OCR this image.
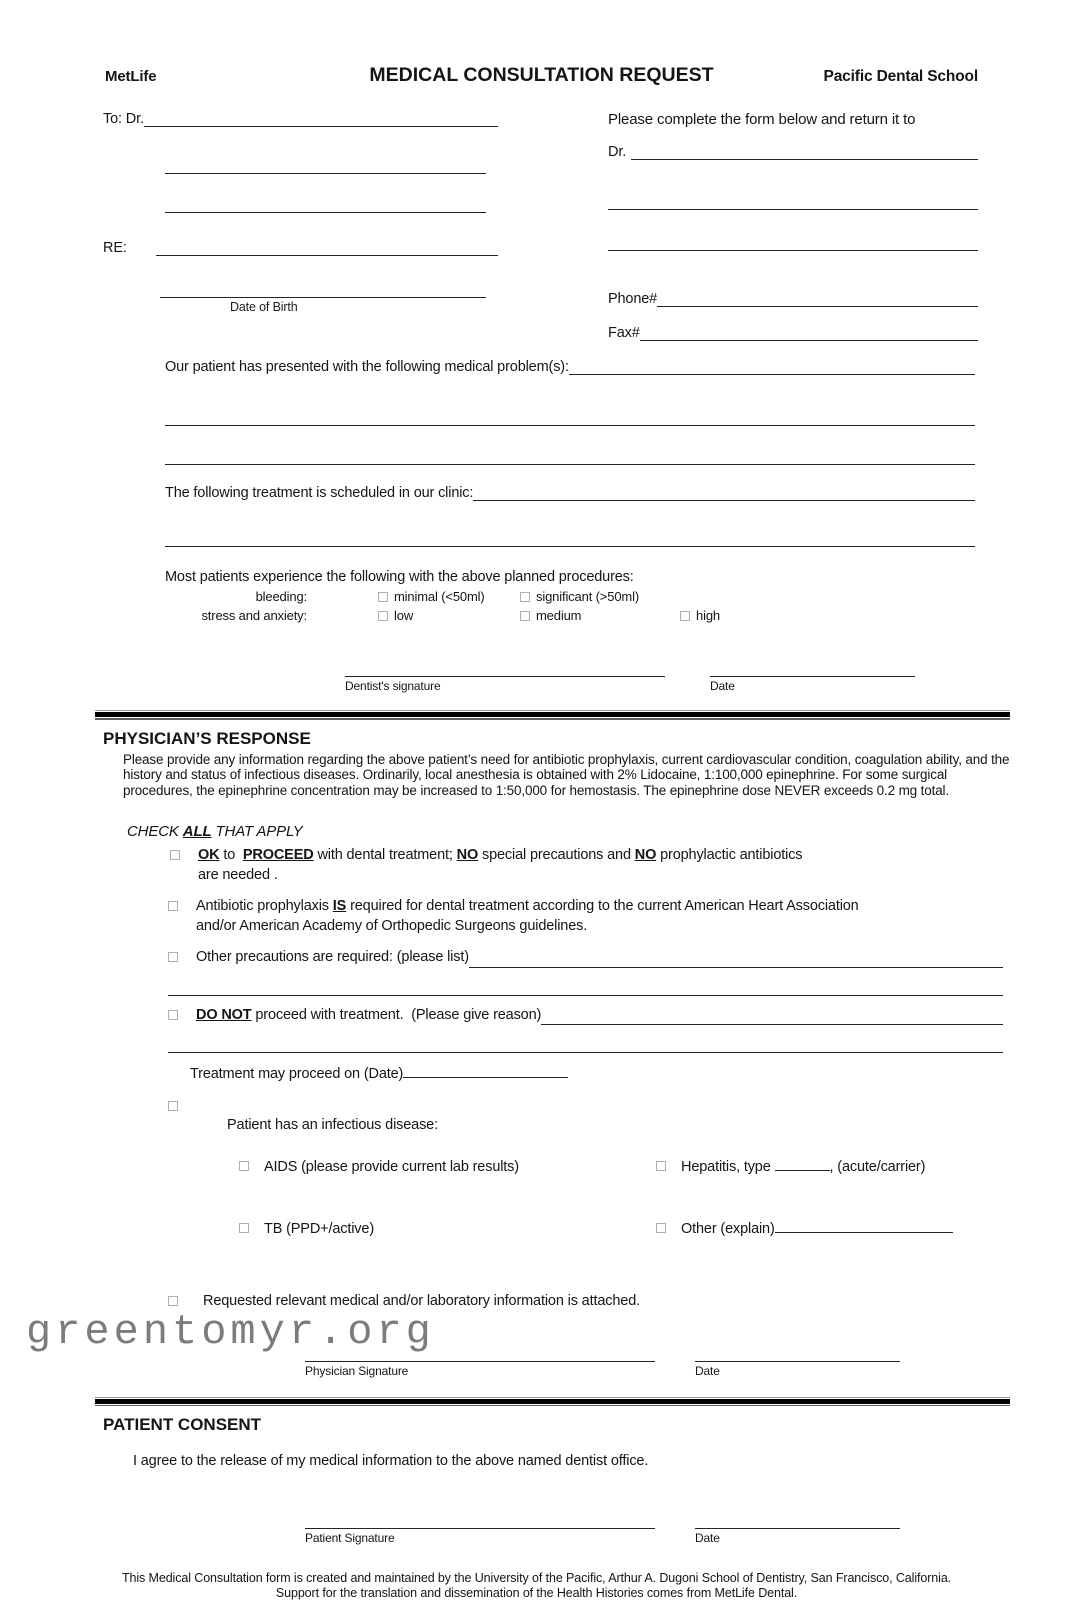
MetLife	MEDICAL CONSULTATION REQUEST	Pacific Dental School
To: Dr.
RE:
Date of Birth
Please complete the form below and return it to
Dr.
Phone#
Fax#
Our patient has presented with the following medical problem(s):
The following treatment is scheduled in our clinic:
Most patients experience the following with the above planned procedures:
bleeding:	minimal (<50ml)	significant (>50ml)
stress and anxiety:	low	medium	high
Dentist's signature	Date
PHYSICIAN’S RESPONSE

Please provide any information regarding the above patient’s need for antibiotic prophylaxis, current cardiovascular condition, coagulation ability, and the history and status of infectious diseases. Ordinarily, local anesthesia is obtained with 2% Lidocaine, 1:100,000 epinephrine. For some surgical procedures, the epinephrine concentration may be increased to 1:50,000 for hemostasis. The epinephrine dose NEVER exceeds 0.2 mg total.

CHECK ALL THAT APPLY
OK to  PROCEED with dental treatment; NO special precautions and NO prophylactic antibiotics
are needed .
Antibiotic prophylaxis IS required for dental treatment according to the current American Heart Association
and/or American Academy of Orthopedic Surgeons guidelines.
Other precautions are required: (please list)
DO NOT proceed with treatment.  (Please give reason)
Treatment may proceed on (Date)

Patient has an infectious disease:

AIDS (please provide current lab results)	Hepatitis, type	, (acute/carrier)

TB (PPD+/active)	Other (explain)

Requested relevant medical and/or laboratory information is attached.
Physician Signature	Date
PATIENT CONSENT

I agree to the release of my medical information to the above named dentist office.

Patient Signature	Date
This Medical Consultation form is created and maintained by the University of the Pacific, Arthur A. Dugoni School of Dentistry, San Francisco, California.
Support for the translation and dissemination of the Health Histories comes from MetLife Dental.
greentomyr.org
